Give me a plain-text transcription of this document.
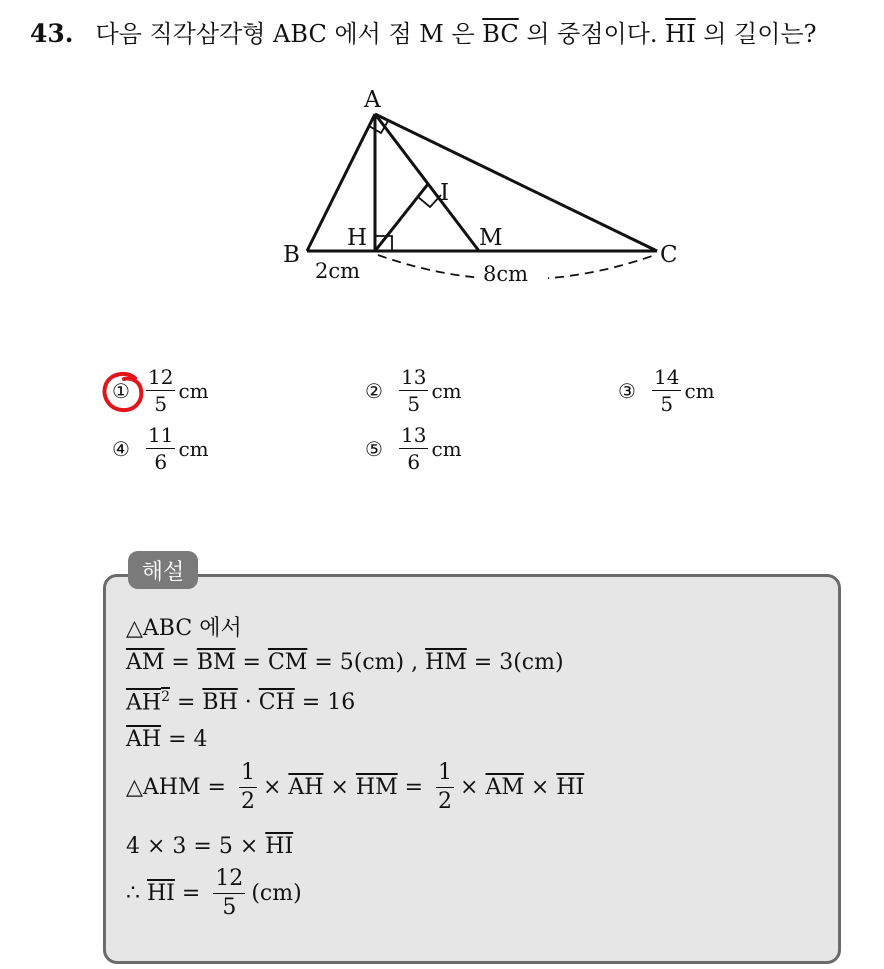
43. 다음 직각삼각형 ABC 에서 점 M 은 $\overline{BC}$ 의 중점이다. $\overline{HI}$ 의 길이는?
A
B	C
H
I
M
2cm	8cm
① $\frac{12}{5}$ cm	② $\frac{13}{5}$ cm	③ $\frac{14}{5}$ cm
④ $\frac{11}{6}$ cm	⑤ $\frac{13}{6}$ cm
해설
△ABC 에서
$\overline{AM} = \overline{BM} = \overline{CM} = 5(cm)$ , $\overline{HM} = 3(cm)$
$AH^2 = \overline{BH} \cdot \overline{CH} = 16$
$\overline{AH} = 4$
△AHM = $\frac{1}{2} \times \overline{AH} \times \overline{HM} = \frac{1}{2} \times \overline{AM} \times \overline{HI}$
$4 \times 3 = 5 \times \overline{HI}$
∴ $\overline{HI} = \frac{12}{5} (cm)$
